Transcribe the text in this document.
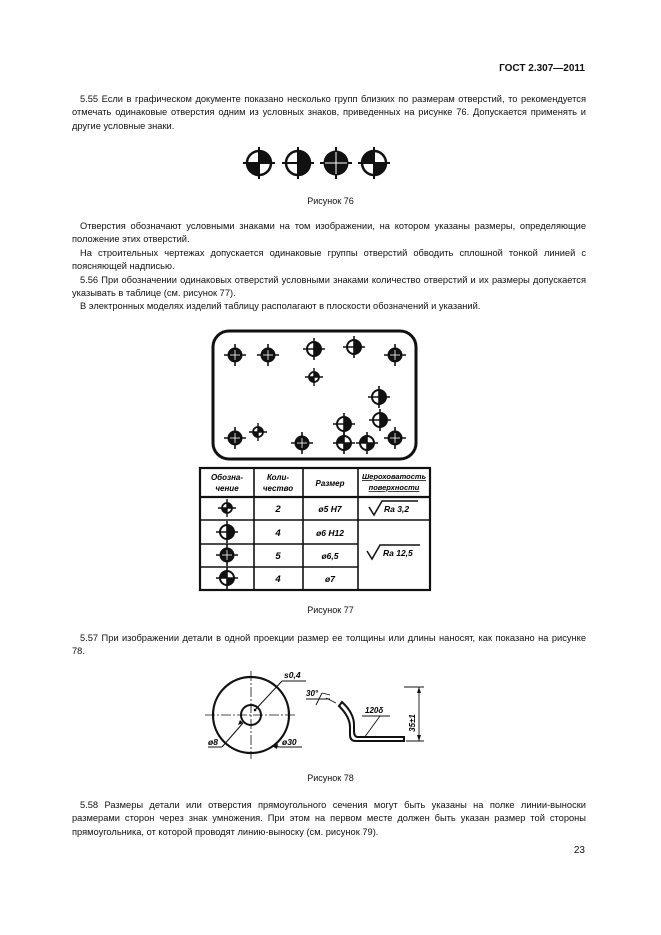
ГОСТ 2.307—2011

5.55 Если в графическом документе показано несколько групп близких по размерам отверстий, то рекомендуется отмечать одинаковые отверстия одним из условных знаков, приведенных на рисунке 76. Допускается применять и другие условные знаки.

Рисунок 76

Отверстия обозначают условными знаками на том изображении, на котором указаны размеры, определяющие положение этих отверстий.

На строительных чертежах допускается одинаковые группы отверстий обводить сплошной тонкой линией с поясняющей надписью.

5.56 При обозначении одинаковых отверстий условными знаками количество отверстий и их размеры допускается указывать в таблице (см. рисунок 77).

В электронных моделях изделий таблицу располагают в плоскости обозначений и указаний.

Обозна-
чение
Коли-
чество
Размер
Шероховатость
поверхности
2
4
5
4
ø5 H7
ø6 H12
ø6,5
ø7
Ra 3,2
Ra 12,5
Рисунок 77

5.57 При изображении детали в одной проекции размер ее толщины или длины наносят, как показано на рисунке 78.

s0,4
ø8	ø30
30°
120δ
35±1
Рисунок 78

5.58 Размеры детали или отверстия прямоугольного сечения могут быть указаны на полке линии-выноски размерами сторон через знак умножения. При этом на первом месте должен быть указан размер той стороны прямоугольника, от которой проводят линию-выноску (см. рисунок 79).

23
